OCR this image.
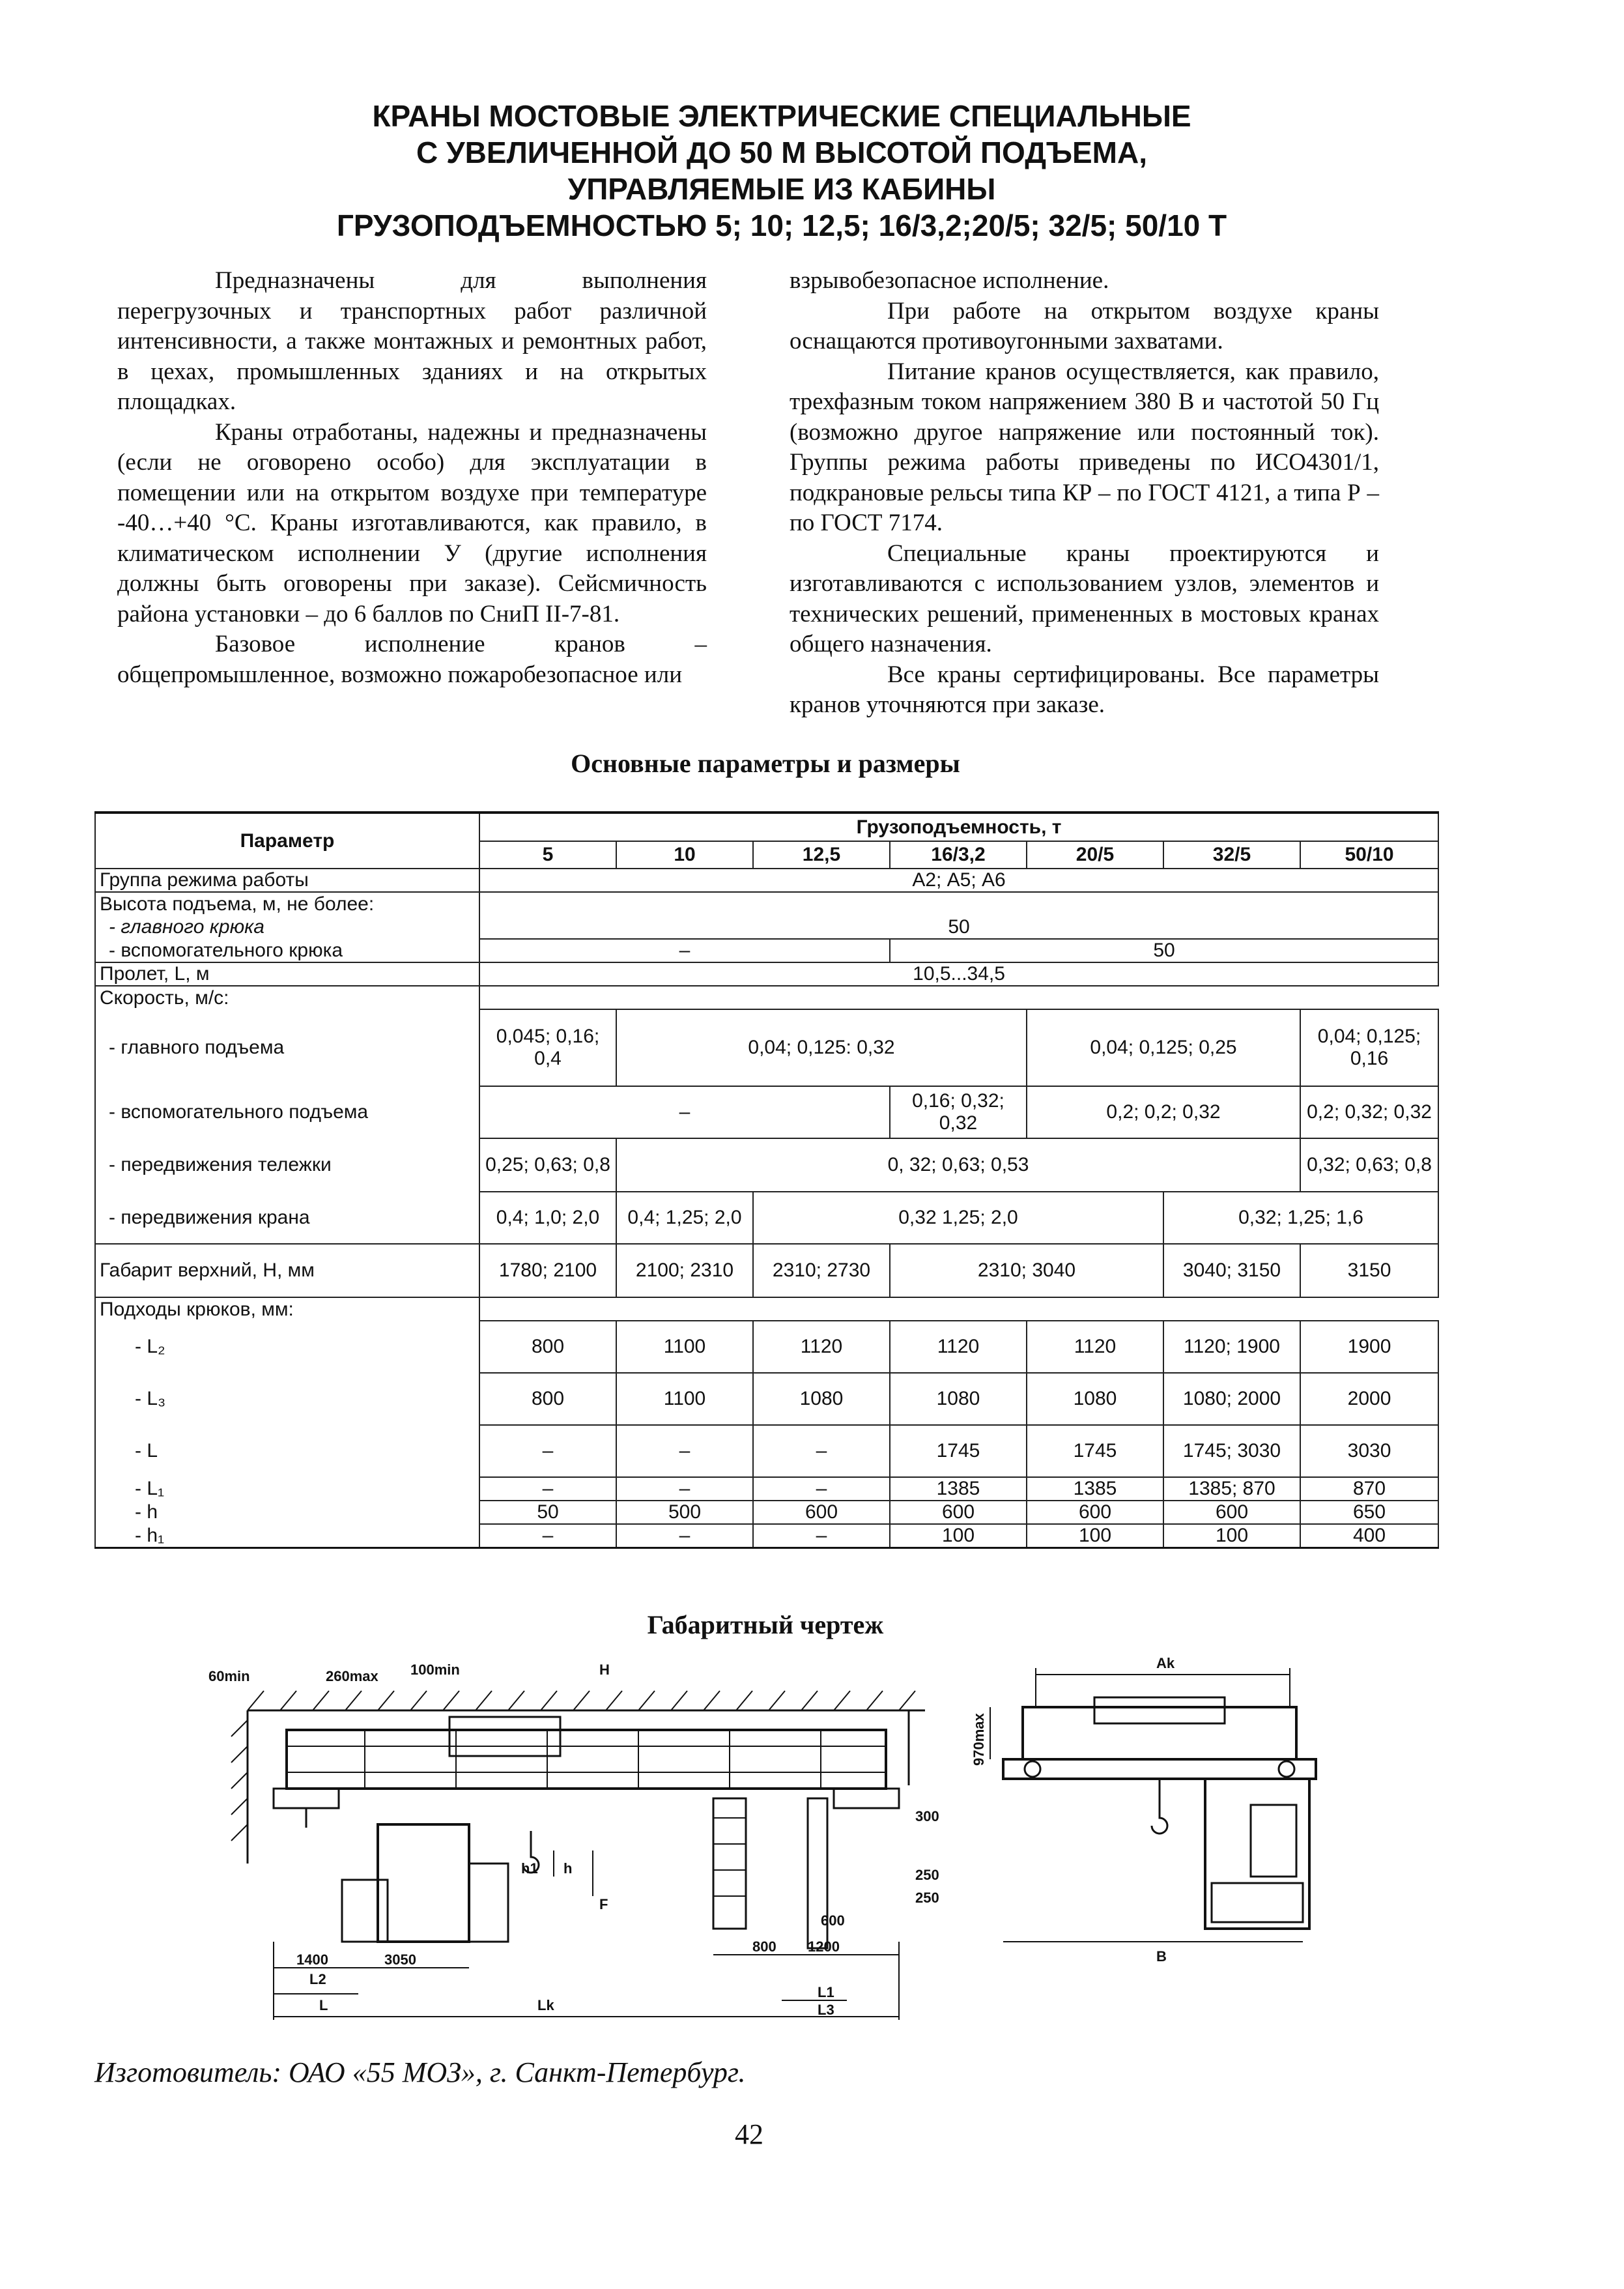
КРАНЫ МОСТОВЫЕ ЭЛЕКТРИЧЕСКИЕ СПЕЦИАЛЬНЫЕ
С УВЕЛИЧЕННОЙ ДО 50 М ВЫСОТОЙ ПОДЪЕМА,
УПРАВЛЯЕМЫЕ ИЗ КАБИНЫ
ГРУЗОПОДЪЕМНОСТЬЮ 5; 10; 12,5; 16/3,2;20/5; 32/5; 50/10 Т

Предназначены для выполнения перегрузочных и транспортных работ различной интенсивности, а также монтажных и ремонтных работ, в цехах, промышленных зданиях и на открытых площадках.

Краны отработаны, надежны и предназначены (если не оговорено особо) для эксплуатации в помещении или на открытом воздухе при температуре -40…+40 °С. Краны изготавливаются, как правило, в климатическом исполнении У (другие исполнения должны быть оговорены при заказе). Сейсмичность района установки – до 6 баллов по СниП II-7-81.

Базовое исполнение кранов – общепромышленное, возможно пожаробезопасное или

взрывобезопасное исполнение.

При работе на открытом воздухе краны оснащаются противоугонными захватами.

Питание кранов осуществляется, как правило, трехфазным током напряжением 380 В и частотой 50 Гц (возможно другое напряжение или постоянный ток). Группы режима работы приведены по ИСО4301/1, подкрановые рельсы типа КР – по ГОСТ 4121, а типа Р – по ГОСТ 7174.

Специальные краны проектируются и изготавливаются с использованием узлов, элементов и технических решений, примененных в мостовых кранах общего назначения.

Все краны сертифицированы. Все параметры кранов уточняются при заказе.

Основные параметры и размеры
Параметр	Грузоподъемность, т						
	5	10	12,5	16/3,2	20/5	32/5	50/10
Группа режима работы	А2; А5; А6						
Высота подъема, м, не более:							
- главного крюка	50						
- вспомогательного крюка	–			50			
Пролет, L, м	10,5...34,5						
Скорость, м/с:							
- главного подъема	0,045; 0,16; 0,4	0,04; 0,125: 0,32			0,04; 0,125; 0,25		0,04; 0,125; 0,16
- вспомогательного подъема	–			0,16; 0,32; 0,32	0,2; 0,2; 0,32		0,2; 0,32; 0,32
- передвижения тележки	0,25; 0,63; 0,8	0, 32; 0,63; 0,53					0,32; 0,63; 0,8
- передвижения крана	0,4; 1,0; 2,0	0,4; 1,25; 2,0	0,32 1,25; 2,0			0,32; 1,25; 1,6	
Габарит верхний, Н, мм	1780; 2100	2100; 2310	2310; 2730	2310; 3040		3040; 3150	3150
Подходы крюков, мм:							
- L₂	800	1100	1120	1120	1120	1120; 1900	1900
- L₃	800	1100	1080	1080	1080	1080; 2000	2000
- L	–	–	–	1745	1745	1745; 3030	3030
- L₁	–	–	–	1385	1385	1385; 870	870
- h	50	500	600	600	600	600	650
- h₁	–	–	–	100	100	100	400
Габаритный чертеж
60min	260max 100min	H
300
250
250
600
800 1200
1400	3050
Lk
L1
L3
L2
L
h
h1
F
Ak
970max
B
Изготовитель: ОАО «55 МОЗ», г. Санкт-Петербург.
42
